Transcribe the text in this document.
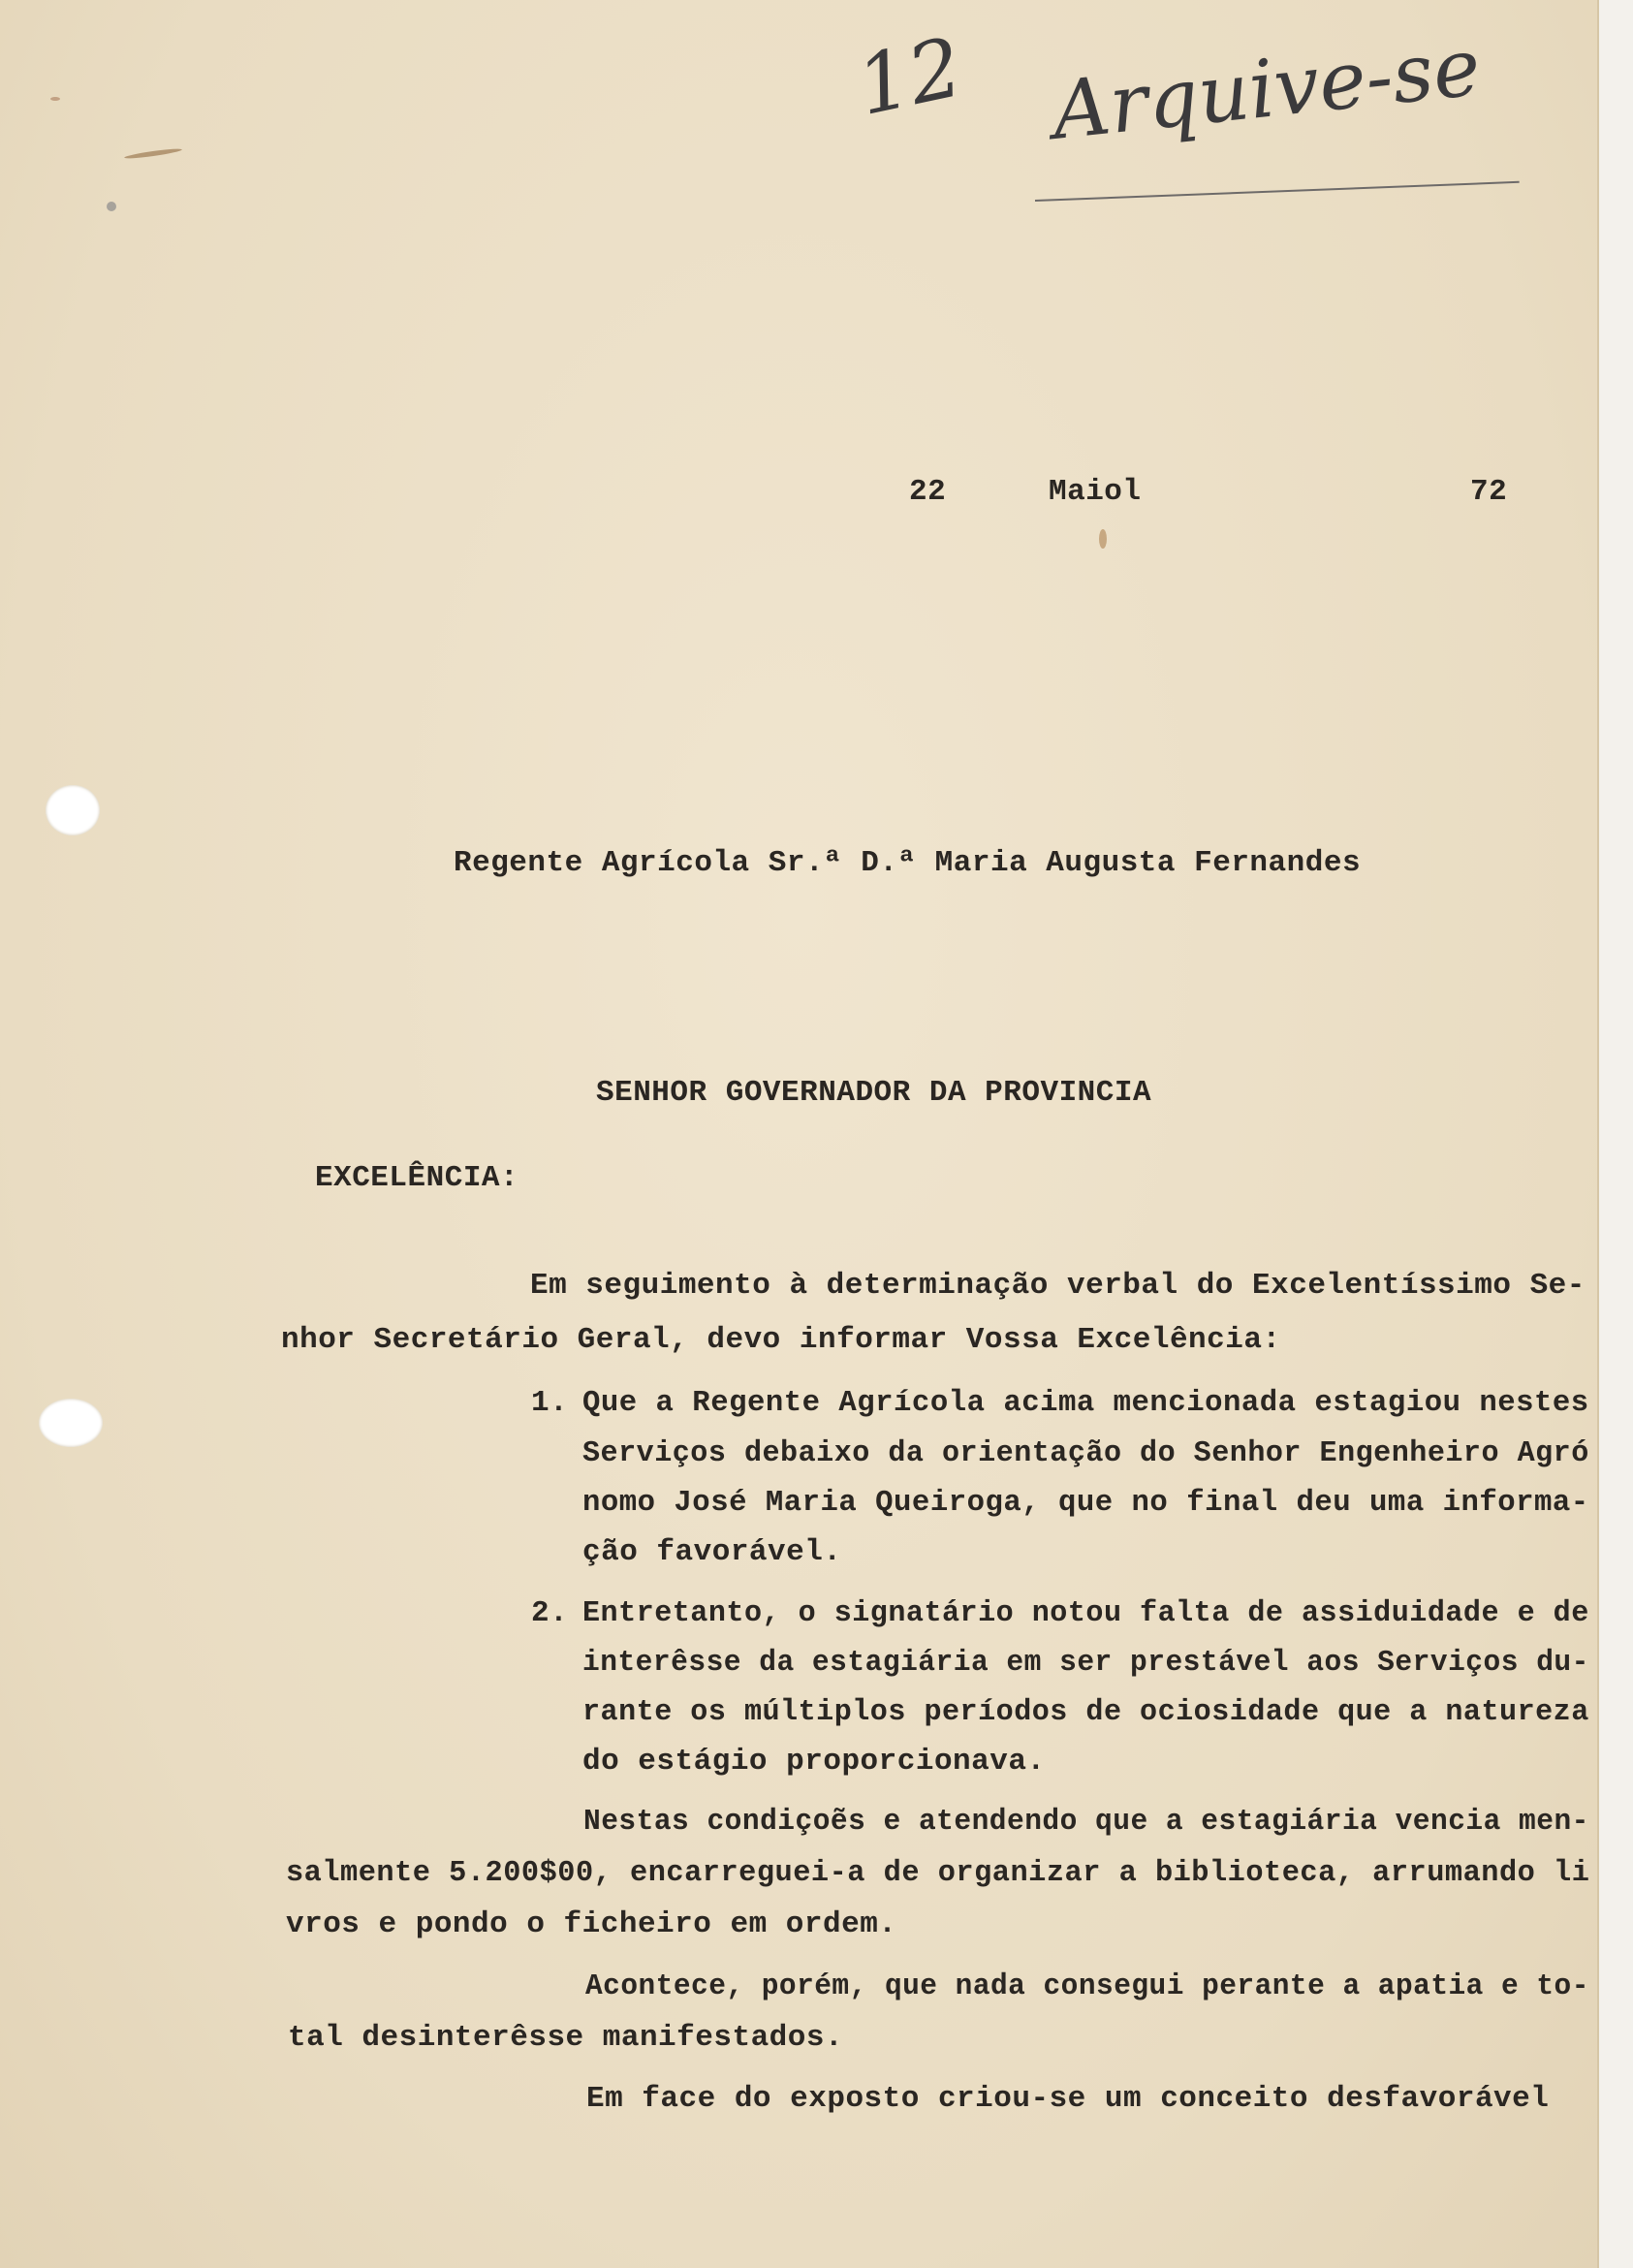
12 Arquive-se
22	Maiol	72
Regente Agrícola Sr.ª D.ª Maria Augusta Fernandes
SENHOR GOVERNADOR DA PROVINCIA
EXCELÊNCIA:
Em seguimento à determinação verbal do Excelentíssimo Se-
nhor Secretário Geral, devo informar Vossa Excelência:
1. Que a Regente Agrícola acima mencionada estagiou nestes
Serviços debaixo da orientação do Senhor Engenheiro Agró
nomo José Maria Queiroga, que no final deu uma informa-
ção favorável.
2. Entretanto, o signatário notou falta de assiduidade e de
interêsse da estagiária em ser prestável aos Serviços du-
rante os múltiplos períodos de ociosidade que a natureza
do estágio proporcionava.
Nestas condiçoẽs e atendendo que a estagiária vencia men-
salmente 5.200$00, encarreguei-a de organizar a biblioteca, arrumando li
vros e pondo o ficheiro em ordem.
Acontece, porém, que nada consegui perante a apatia e to-
tal desinterêsse manifestados.
Em face do exposto criou-se um conceito desfavorável
